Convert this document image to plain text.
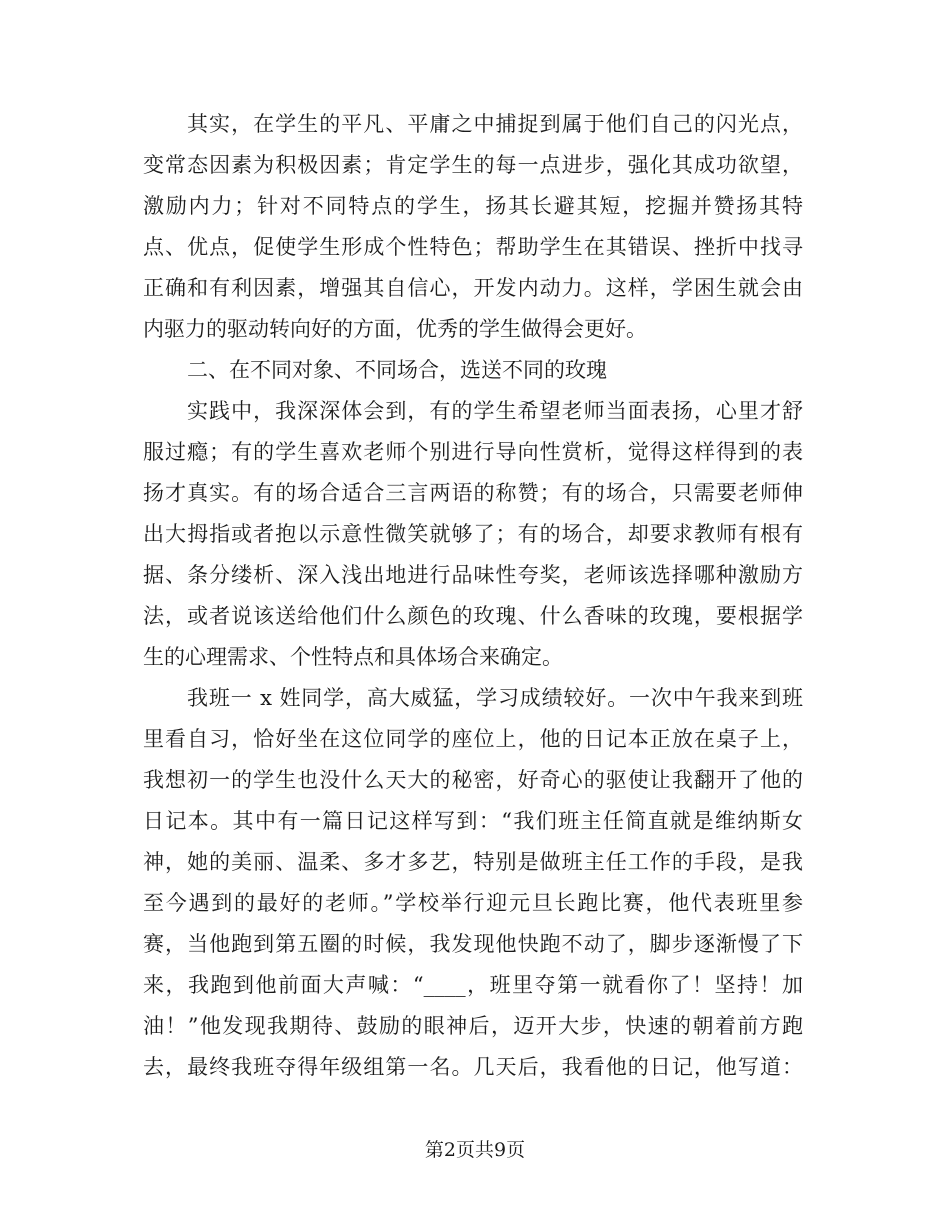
其实，在学生的平凡、平庸之中捕捉到属于他们自己的闪光点，
变常态因素为积极因素；肯定学生的每一点进步，强化其成功欲望，
激励内力；针对不同特点的学生，扬其长避其短，挖掘并赞扬其特
点、优点，促使学生形成个性特色；帮助学生在其错误、挫折中找寻
正确和有利因素，增强其自信心，开发内动力。这样，学困生就会由
内驱力的驱动转向好的方面，优秀的学生做得会更好。
二、在不同对象、不同场合，选送不同的玫瑰
实践中，我深深体会到，有的学生希望老师当面表扬，心里才舒
服过瘾；有的学生喜欢老师个别进行导向性赏析，觉得这样得到的表
扬才真实。有的场合适合三言两语的称赞；有的场合，只需要老师伸
出大拇指或者抱以示意性微笑就够了；有的场合，却要求教师有根有
据、条分缕析、深入浅出地进行品味性夸奖，老师该选择哪种激励方
法，或者说该送给他们什么颜色的玫瑰、什么香味的玫瑰，要根据学
生的心理需求、个性特点和具体场合来确定。
我班一 x 姓同学，高大威猛，学习成绩较好。一次中午我来到班
里看自习，恰好坐在这位同学的座位上，他的日记本正放在桌子上，
我想初一的学生也没什么天大的秘密，好奇心的驱使让我翻开了他的
日记本。其中有一篇日记这样写到：“我们班主任简直就是维纳斯女
神，她的美丽、温柔、多才多艺，特别是做班主任工作的手段，是我
至今遇到的最好的老师。”学校举行迎元旦长跑比赛，他代表班里参
赛，当他跑到第五圈的时候，我发现他快跑不动了，脚步逐渐慢了下
来，我跑到他前面大声喊：“____，班里夺第一就看你了！坚持！加
油！”他发现我期待、鼓励的眼神后，迈开大步，快速的朝着前方跑
去，最终我班夺得年级组第一名。几天后，我看他的日记，他写道：
第2页共9页
